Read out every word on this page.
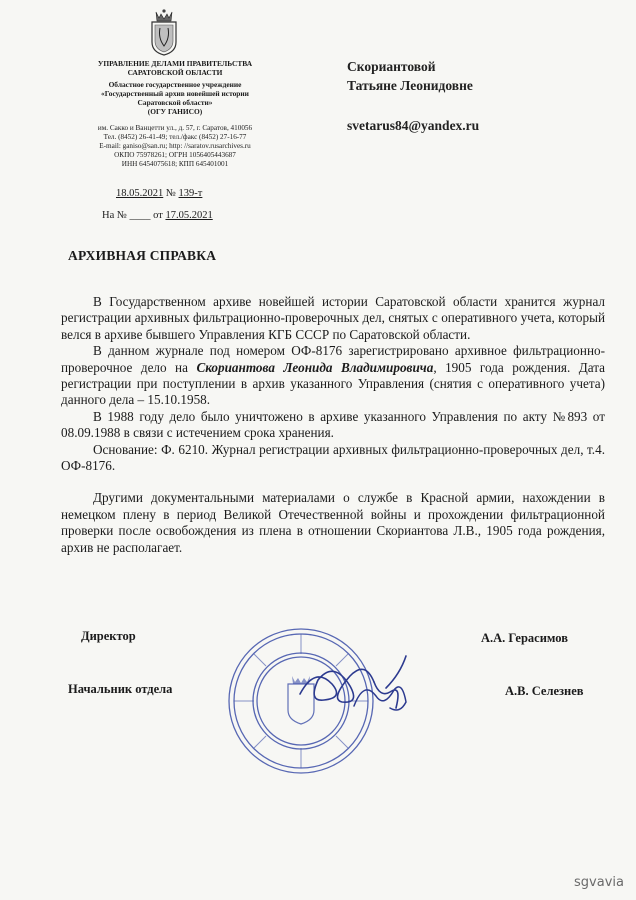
УПРАВЛЕНИЕ ДЕЛАМИ ПРАВИТЕЛЬСТВА
САРАТОВСКОЙ ОБЛАСТИ
Областное государственное учреждение
«Государственный архив новейшей истории
Саратовской области»
(ОГУ ГАНИСО)
им. Сакко и Ванцетти ул., д. 57, г. Саратов, 410056
Тел. (8452) 26-41-49; тел./факс (8452) 27-16-77
E-mail: ganiso@san.ru; http: //saratov.rusarchives.ru
ОКПО 75978261; ОГРН 1056405443687
ИНН 6454075618; КПП 645401001
18.05.2021 № 139-т
На № ____ от 17.05.2021
Скориантовой
Татьяне Леонидовне
svetarus84@yandex.ru
АРХИВНАЯ СПРАВКА

В Государственном архиве новейшей истории Саратовской области хранится журнал регистрации архивных фильтрационно-проверочных дел, снятых с оперативного учета, который велся в архиве бывшего Управления КГБ СССР по Саратовской области.

В данном журнале под номером ОФ-8176 зарегистрировано архивное фильтрационно-проверочное дело на Скориантова Леонида Владимировича, 1905 года рождения. Дата регистрации при поступлении в архив указанного Управления (снятия с оперативного учета) данного дела – 15.10.1958.

В 1988 году дело было уничтожено в архиве указанного Управления по акту №893 от 08.09.1988 в связи с истечением срока хранения.

Основание: Ф. 6210. Журнал регистрации архивных фильтрационно-проверочных дел, т.4. ОФ-8176.

Другими документальными материалами о службе в Красной армии, нахождении в немецком плену в период Великой Отечественной войны и прохождении фильтрационной проверки после освобождения из плена в отношении Скориантова Л.В., 1905 года рождения, архив не располагает.

Директор	А.А. Герасимов
Начальник отдела	А.В. Селезнев
sgvavia
